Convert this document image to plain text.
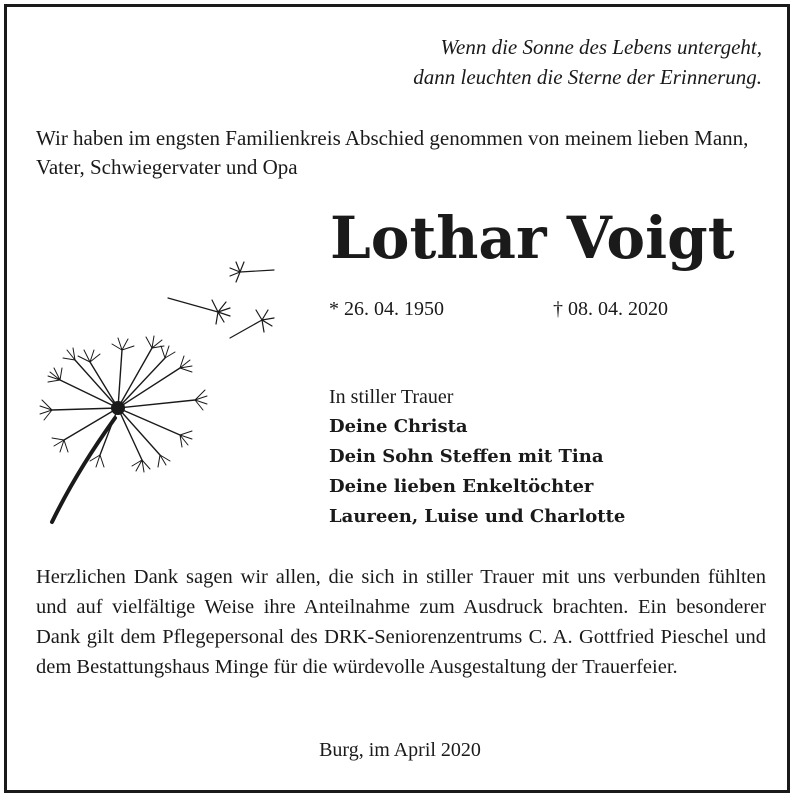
Wenn die Sonne des Lebens untergeht,
dann leuchten die Sterne der Erinnerung.
Wir haben im engsten Familienkreis Abschied genommen von meinem lieben Mann, Vater, Schwiegervater und Opa
Lothar Voigt
* 26. 04. 1950	† 08. 04. 2020
In stiller Trauer
Deine Christa
Dein Sohn Steffen mit Tina
Deine lieben Enkeltöchter
Laureen, Luise und Charlotte
Herzlichen Dank sagen wir allen, die sich in stiller Trauer mit uns verbunden fühlten und auf vielfältige Weise ihre Anteilnahme zum Ausdruck brachten. Ein besonderer Dank gilt dem Pflegepersonal des DRK-Seniorenzentrums C. A. Gottfried Pieschel und dem Bestattungshaus Minge für die würdevolle Ausgestaltung der Trauerfeier.
Burg, im April 2020
